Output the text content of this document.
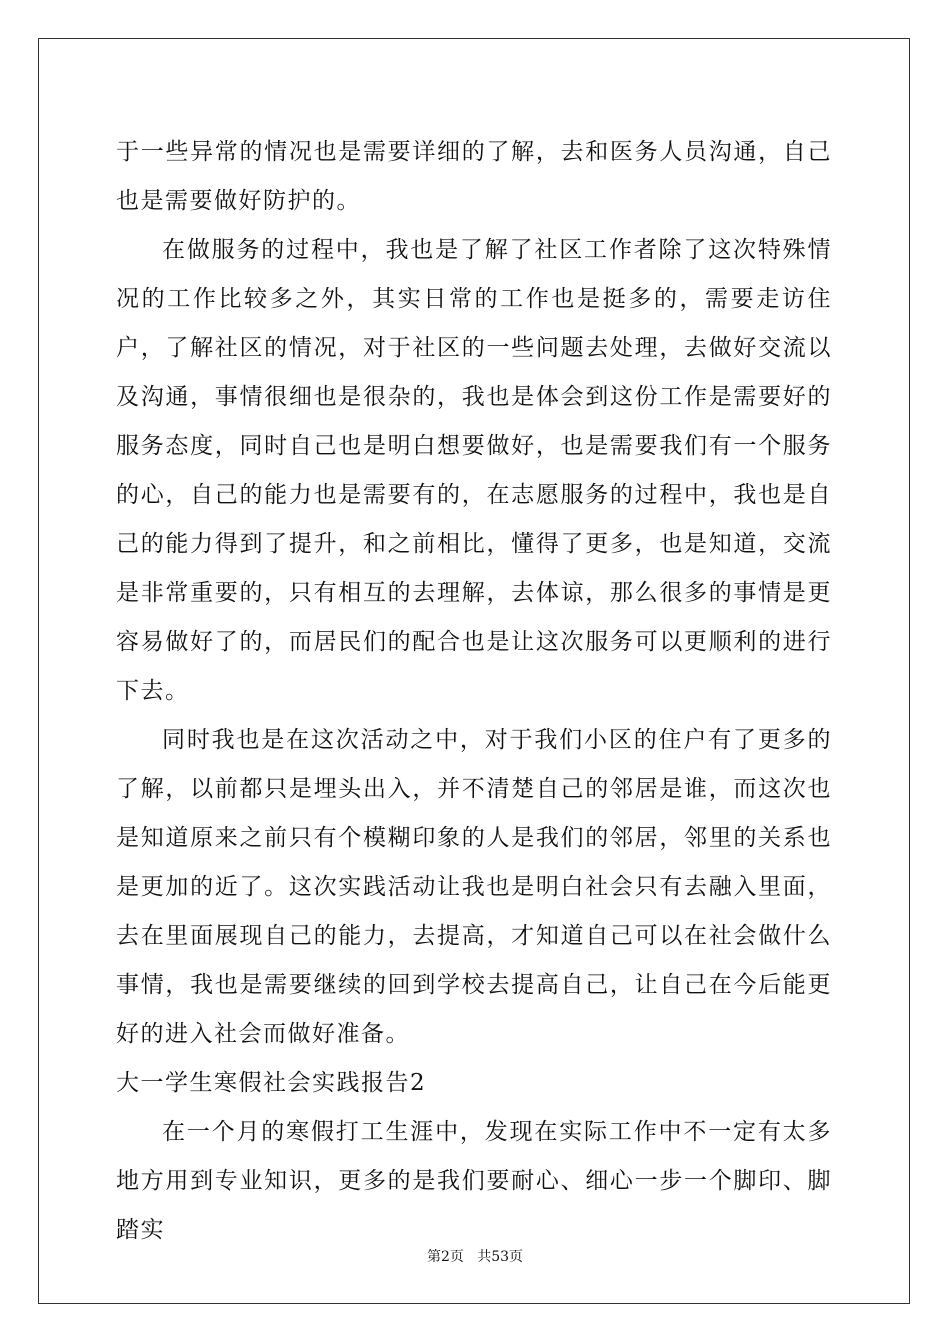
于一些异常的情况也是需要详细的了解，去和医务人员沟通，自己也是需要做好防护的。

在做服务的过程中，我也是了解了社区工作者除了这次特殊情况的工作比较多之外，其实日常的工作也是挺多的，需要走访住户，了解社区的情况，对于社区的一些问题去处理，去做好交流以及沟通，事情很细也是很杂的，我也是体会到这份工作是需要好的服务态度，同时自己也是明白想要做好，也是需要我们有一个服务的心，自己的能力也是需要有的，在志愿服务的过程中，我也是自己的能力得到了提升，和之前相比，懂得了更多，也是知道，交流是非常重要的，只有相互的去理解，去体谅，那么很多的事情是更容易做好了的，而居民们的配合也是让这次服务可以更顺利的进行下去。

同时我也是在这次活动之中，对于我们小区的住户有了更多的了解，以前都只是埋头出入，并不清楚自己的邻居是谁，而这次也是知道原来之前只有个模糊印象的人是我们的邻居，邻里的关系也是更加的近了。这次实践活动让我也是明白社会只有去融入里面，去在里面展现自己的能力，去提高，才知道自己可以在社会做什么事情，我也是需要继续的回到学校去提高自己，让自己在今后能更好的进入社会而做好准备。

大一学生寒假社会实践报告2

在一个月的寒假打工生涯中，发现在实际工作中不一定有太多地方用到专业知识，更多的是我们要耐心、细心一步一个脚印、脚踏实

第2页   共53页
